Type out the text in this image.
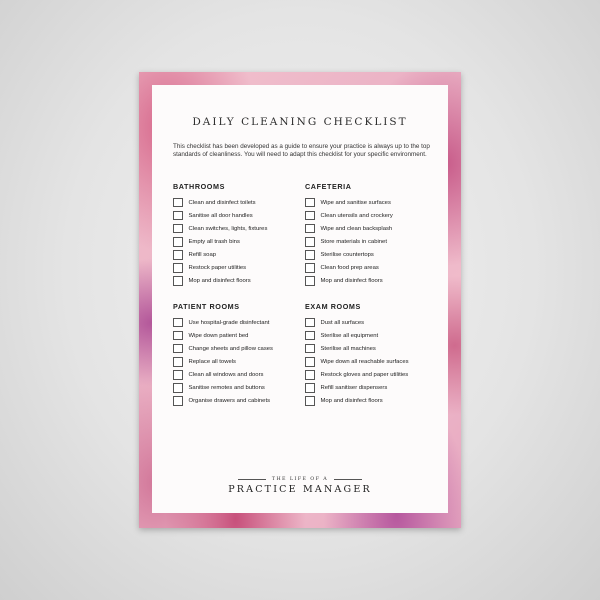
DAILY CLEANING CHECKLIST
This checklist has been developed as a guide to ensure your practice is always up to the top standards of cleanliness. You will need to adapt this checklist for your specific environment.
BATHROOMS
Clean and disinfect toilets
Sanitise all door handles
Clean switches, lights, fixtures
Empty all trash bins
Refill soap
Restock paper utilities
Mop and disinfect floors
CAFETERIA
Wipe and sanitise surfaces
Clean utensils and crockery
Wipe and clean backsplash
Store materials in cabinet
Sterilise countertops
Clean food prep areas
Mop and disinfect floors
PATIENT ROOMS
Use hospital-grade disinfectant
Wipe down patient bed
Change sheets and pillow cases
Replace all towels
Clean all windows and doors
Sanitise remotes and buttons
Organise drawers and cabinets
EXAM ROOMS
Dust all surfaces
Sterilise all equipment
Sterilise all machines
Wipe down all reachable surfaces
Restock gloves and paper utilities
Refill sanitiser dispensers
Mop and disinfect floors
THE LIFE OF A
PRACTICE MANAGER
